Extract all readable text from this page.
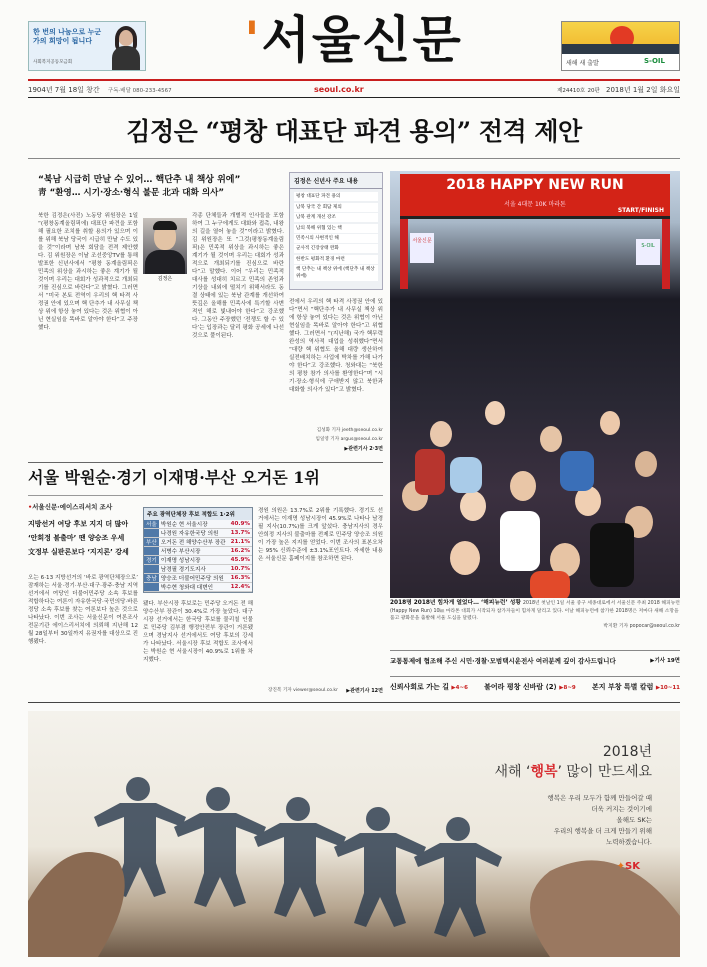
한 번의 나눔으로 누군가의 희망이 됩니다
사회복지공동모금회	'서울신문	새해 새 출발	S-OIL
1904년 7월 18일 창간 구독·배달 080-233-4567	seoul.co.kr	제24410호 20판 2018년 1월 2일 화요일
김정은 “평창 대표단 파견 용의” 전격 제안
“북남 시급히 만날 수 있어… 핵단추 내 책상 위에”
靑 “환영… 시기·장소·형식 불문 北과 대화 의사”
김정은 신년사 주요 내용
평창 대표단 파견 용의
남북 당국 간 회담 제의
남북 관계 개선 강조
남의 북해 위협 있는 핵
민족시의 사변적인 해
군사적 긴장상태 완화
한반도 평화적 환경 마련
핵 단추는 내 책상 위에 (핵단추 내 책상 위에)
북한 김정은(사진) 노동당 위원장은 1일 “(평창동계올림픽에) 대표단 파견을 포함해 필요한 조치를 취할 용의가 있으며 이를 위해 북남 당국이 시급히 만날 수도 있을 것”이라며 남북 회담을 전격 제안했다. 김 위원장은 이날 조선중앙TV를 통해 발표한 신년사에서 “평창 동계올림픽은 민족의 위상을 과시하는 좋은 계기가 될 것이며 우리는 대회가 성과적으로 개최되기를 진심으로 바란다”고 밝혔다. 그러면서 “미국 본토 전역이 우리의 핵 타격 사정권 안에 있으며 핵 단추가 내 사무실 책상 위에 항상 놓여 있다는 것은 위협이 아닌 현실임을 똑바로 알아야 한다”고 주장했다.
김정은
각종 단체들과 개별적 인사들을 포함하여 그 누구에게도 대화와 접촉, 내왕의 길을 열어 놓을 것”이라고 밝혔다. 김 위원장은 또 “그것(평창동계올림픽)은 민족적 위상을 과시하는 좋은 계기가 될 것이며 우리는 대회가 성과적으로 개최되기를 진심으로 바란다”고 말했다. 이어 “우리는 민족적 대사를 성대히 치르고 민족의 존엄과 기상을 내외에 떨치기 위해서라도 동결 상태에 있는 북남 관계를 개선하여 뜻깊은 올해를 민족사에 특기할 사변적인 해로 빛내어야 한다”고 강조했다. 그동안 주장했던 ‘전쟁도 할 수 있다’는 입장과는 달리 평화 공세에 나선 것으로 풀이된다.
전에서 우리의 핵 타격 사정권 안에 있다”면서 “핵단추가 내 사무실 책상 위에 항상 놓여 있다는 것은 위협이 아닌 현실임을 똑바로 알아야 한다”고 위협했다. 그러면서 “(지난해) 국가 핵무력 완성의 역사적 대업을 성취했다”면서 “대량 핵 위협도 올해 대량 생산하여 실전배치하는 사업에 박차를 가해 나가야 한다”고 강조했다. 청와대는 “북한의 평창 참가 의사를 환영한다”며 “시기·장소·형식에 구애받지 않고 북한과 대화할 의사가 있다”고 밝혔다.
김성화 기자 jeeth@seoul.co.kr
임일영 기자 argus@seoul.co.kr
▶관련기사 2·3면
2018 HAPPY NEW RUN
서울 4대문 10K 마라톤
START/FINISH
서울신문
S-OIL
2018명 2018년 힘차게 열었다… ‘해피뉴런’ 성황 2018년 첫날인 1일 서울 중구 세종대로에서 서울신문 주최 2018 해피뉴런(Happy New Run) 10㎞ 마라톤 대회가 시작되자 참가자들이 힘차게 달리고 있다. 이날 해피뉴런에 참가한 2018명은 저마다 새해 소망을 품고 광화문을 출발해 서울 도심을 달렸다.
박지환 기자 popocar@seoul.co.kr
서울 박원순·경기 이재명·부산 오거돈 1위
•서울신문·에이스리서치 조사
지방선거 여당 후보 지지 더 많아
‘안희정 불출마’ 땐 양승조 우세
文정부 실판론보다 ‘지지론’ 강세
오는 6·13 지방선거의 ‘바로 광역단체장으로’ 잠재하는 서울·경기·부산·대구·광주·충남 지역 선거에서 여당인 더불어민주당 소속 후보를 적합하다는 여론이 자유한국당·국민의당·바른정당 소속 후보를 찾는 여론보다 높은 것으로 나타났다. 이번 조사는 서울신문이 여론조사 전문기관 에이스리서치에 의뢰해 지난해 12월 28일부터 30일까지 유권자를 대상으로 진행됐다.
주요 광역단체장 후보 적합도 1·2위
서울	박원순 현 서울시장	40.9%
	나경원 자유한국당 의원	13.7%
부산	오거돈 전 해양수산부 장관	21.1%
	서병수 부산시장	16.2%
경기	이재명 성남시장	45.9%
	남경필 경기도지사	10.7%
충남	양승조 더불어민주당 의원	16.3%
	박수현 청와대 대변인	12.4%
됐다. 부산시장 후보로는 민주당 오거돈 전 해양수산부 장관이 30.4%로 가장 높았다. 대구시장 선거에서는 한국당 후보를 물리칠 인물로 민주당 김부겸 행정안전부 장관이 거론됐으며 경남지사 선거에서도 여당 후보의 강세가 나타났다. 서울시장 후보 적합도 조사에서는 박원순 현 서울시장이 40.9%로 1위를 차지했다.
경원 의원은 13.7%로 2위를 기록했다. 경기도 선거에서는 이재명 성남시장이 45.9%로 나타나 남경필 지사(10.7%)를 크게 앞섰다. 충남지사의 경우 안희정 지사의 불출마를 전제로 민주당 양승조 의원이 가장 높은 지지를 얻었다. 이번 조사의 표본오차는 95% 신뢰수준에 ±3.1%포인트다. 자세한 내용은 서울신문 홈페이지를 참조하면 된다.
장진복 기자 viewer@seoul.co.kr	▶관련기사 12면
교통통제에 협조해 주신 시민·경찰·모범택시운전사 여러분께 깊이 감사드립니다	▶기사 19면
신뢰사회로 가는 길 ▶4~6 불어라 평창 신바람 ⟨2⟩ ▶8~9 본지 부창 특별 칼럼 ▶10~11
2018년
새해 ‘행복’ 많이 만드세요
행복은 우리 모두가 함께 만들어갈 때
더욱 커지는 것이기에
올해도 SK는
우리의 행복을 더 크게 만들기 위해
노력하겠습니다.
✦SK
